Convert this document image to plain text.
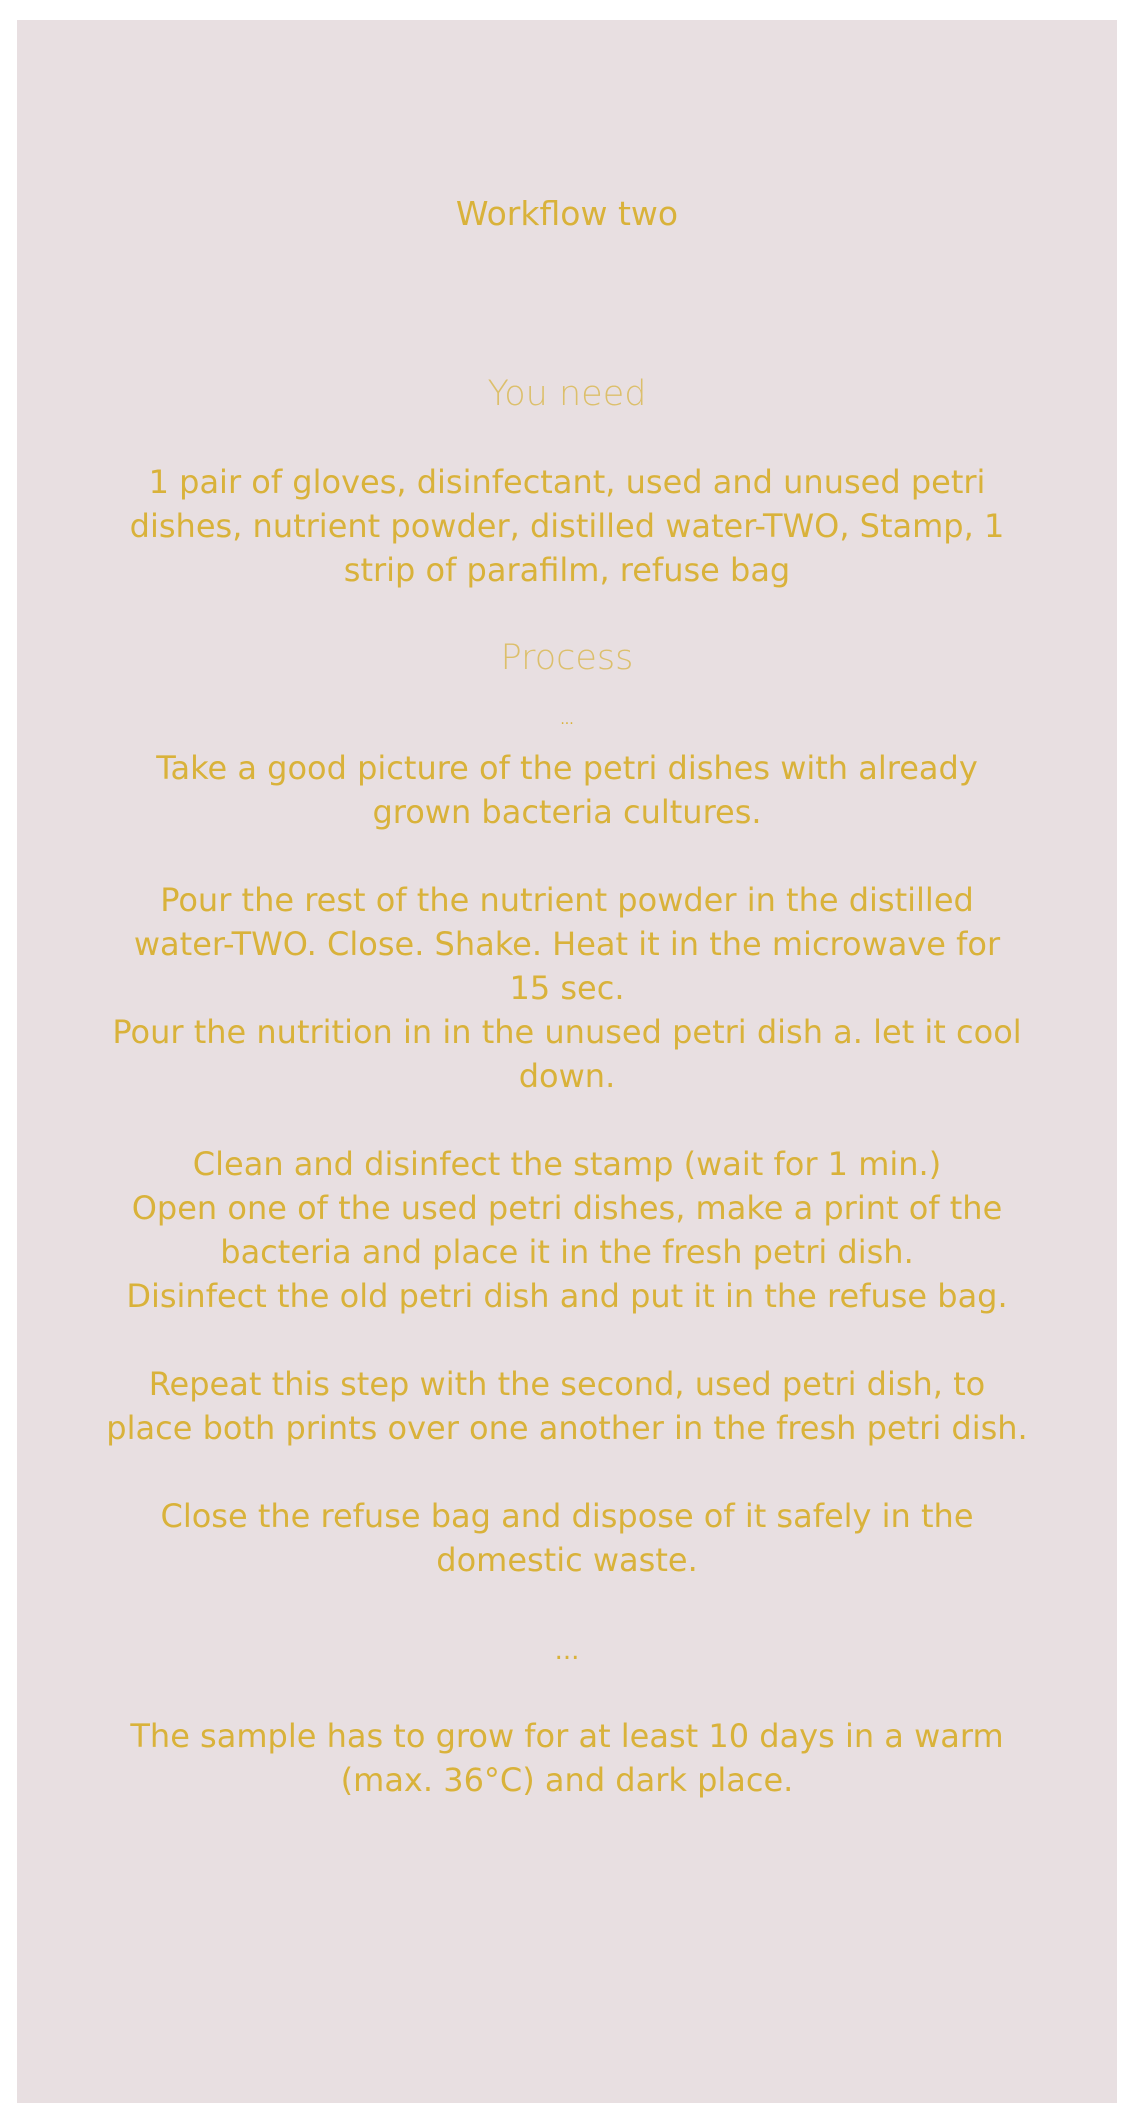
Workflow two
You need

1 pair of gloves, disinfectant, used and unused petri
dishes, nutrient powder, distilled water-TWO, Stamp, 1
strip of parafilm, refuse bag

Process
...

Take a good picture of the petri dishes with already
grown bacteria cultures.

Pour the rest of the nutrient powder in the distilled
water-TWO. Close. Shake. Heat it in the microwave for
15 sec.
Pour the nutrition in in the unused petri dish a. let it cool
down.

Clean and disinfect the stamp (wait for 1 min.)
Open one of the used petri dishes, make a print of the
bacteria and place it in the fresh petri dish.
Disinfect the old petri dish and put it in the refuse bag.

Repeat this step with the second, used petri dish, to
place both prints over one another in the fresh petri dish.

Close the refuse bag and dispose of it safely in the
domestic waste.

...

The sample has to grow for at least 10 days in a warm
(max. 36°C) and dark place.
